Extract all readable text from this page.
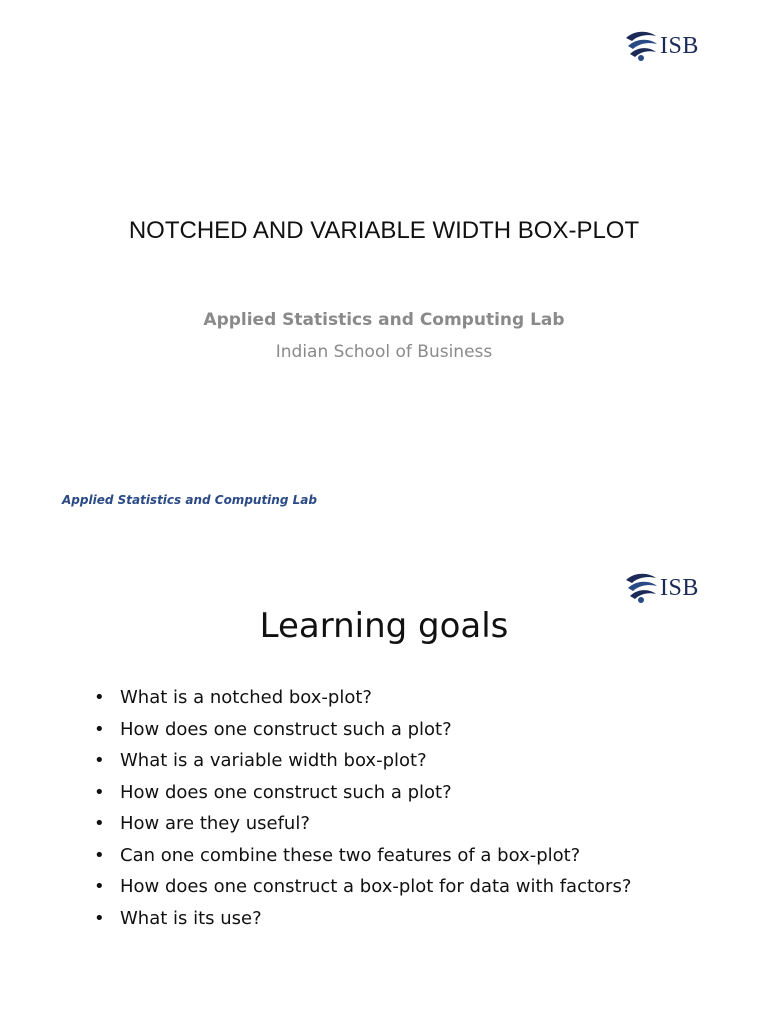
ISB
NOTCHED AND VARIABLE WIDTH BOX-PLOT
Applied Statistics and Computing Lab
Indian School of Business
Applied Statistics and Computing Lab
ISB
Learning goals
• What is a notched box-plot?
• How does one construct such a plot?
• What is a variable width box-plot?
• How does one construct such a plot?
• How are they useful?
• Can one combine these two features of a box-plot?
• How does one construct a box-plot for data with factors?
• What is its use?
